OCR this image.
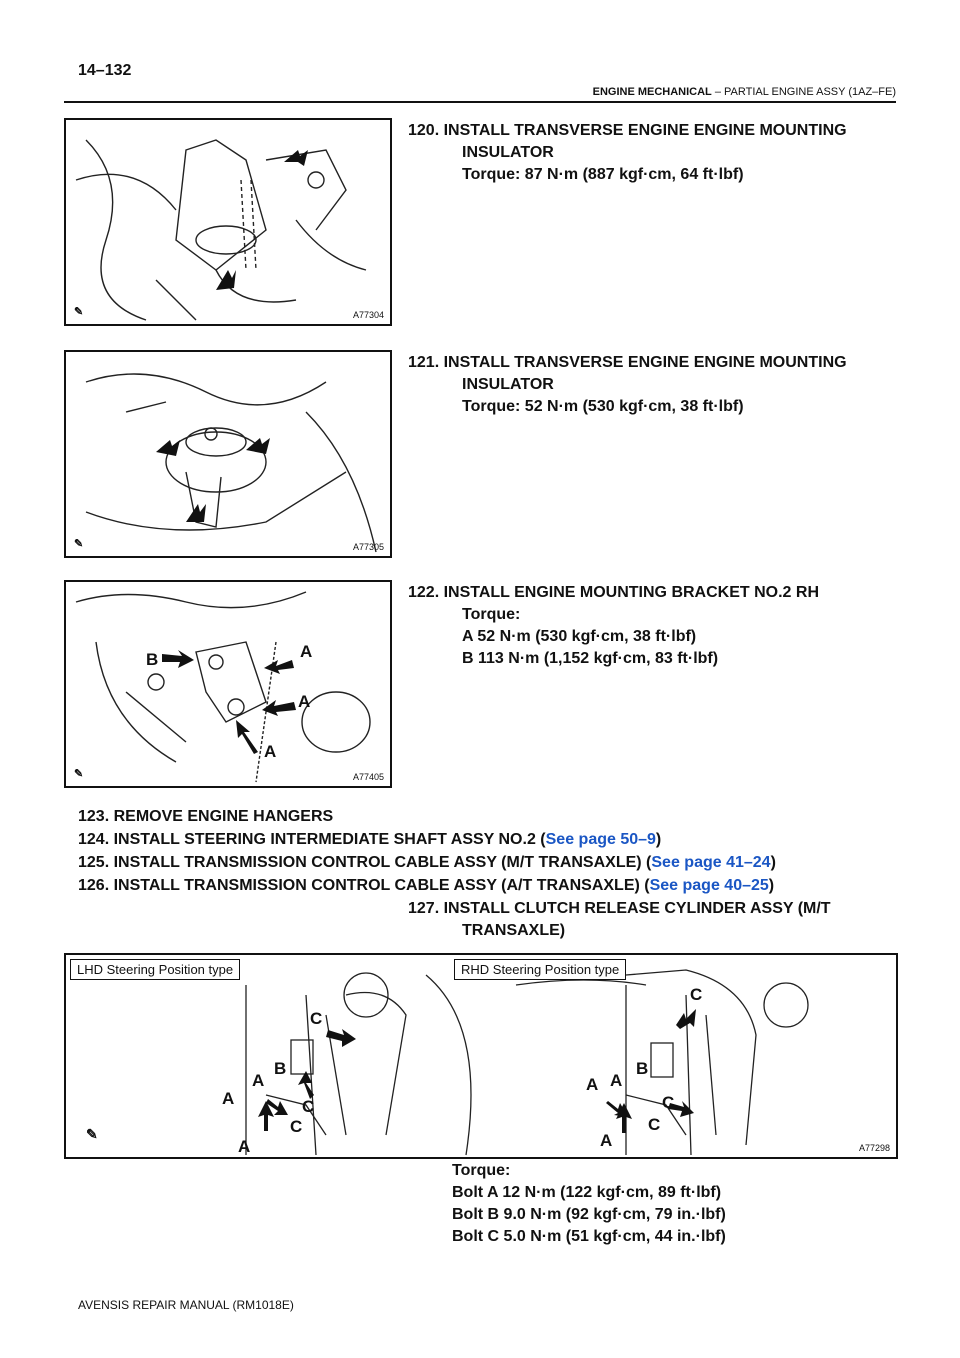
14–132
ENGINE MECHANICAL – PARTIAL ENGINE ASSY (1AZ–FE)
✎	A77304
120. INSTALL TRANSVERSE ENGINE ENGINE MOUNTING
INSULATOR
Torque: 87 N·m (887 kgf·cm, 64 ft·lbf)
✎	A77305
121. INSTALL TRANSVERSE ENGINE ENGINE MOUNTING
INSULATOR
Torque: 52 N·m (530 kgf·cm, 38 ft·lbf)
B	A
A
A
✎	A77405
122. INSTALL ENGINE MOUNTING BRACKET NO.2 RH
Torque:
A 52 N·m (530 kgf·cm, 38 ft·lbf)
B 113 N·m (1,152 kgf·cm, 83 ft·lbf)
123. REMOVE ENGINE HANGERS
124. INSTALL STEERING INTERMEDIATE SHAFT ASSY NO.2 (See page 50–9)
125. INSTALL TRANSMISSION CONTROL CABLE ASSY (M/T TRANSAXLE) (See page 41–24)
126. INSTALL TRANSMISSION CONTROL CABLE ASSY (A/T TRANSAXLE) (See page 40–25)
127. INSTALL CLUTCH RELEASE CYLINDER ASSY (M/T
TRANSAXLE)
LHD Steering Position type	RHD Steering Position type
C
B
A
A	C
C
A
C
B
A
A
C
C
A
✎
A77298
Torque:
Bolt A 12 N·m (122 kgf·cm, 89 ft·lbf)
Bolt B 9.0 N·m (92 kgf·cm, 79 in.·lbf)
Bolt C 5.0 N·m (51 kgf·cm, 44 in.·lbf)
AVENSIS REPAIR MANUAL (RM1018E)
